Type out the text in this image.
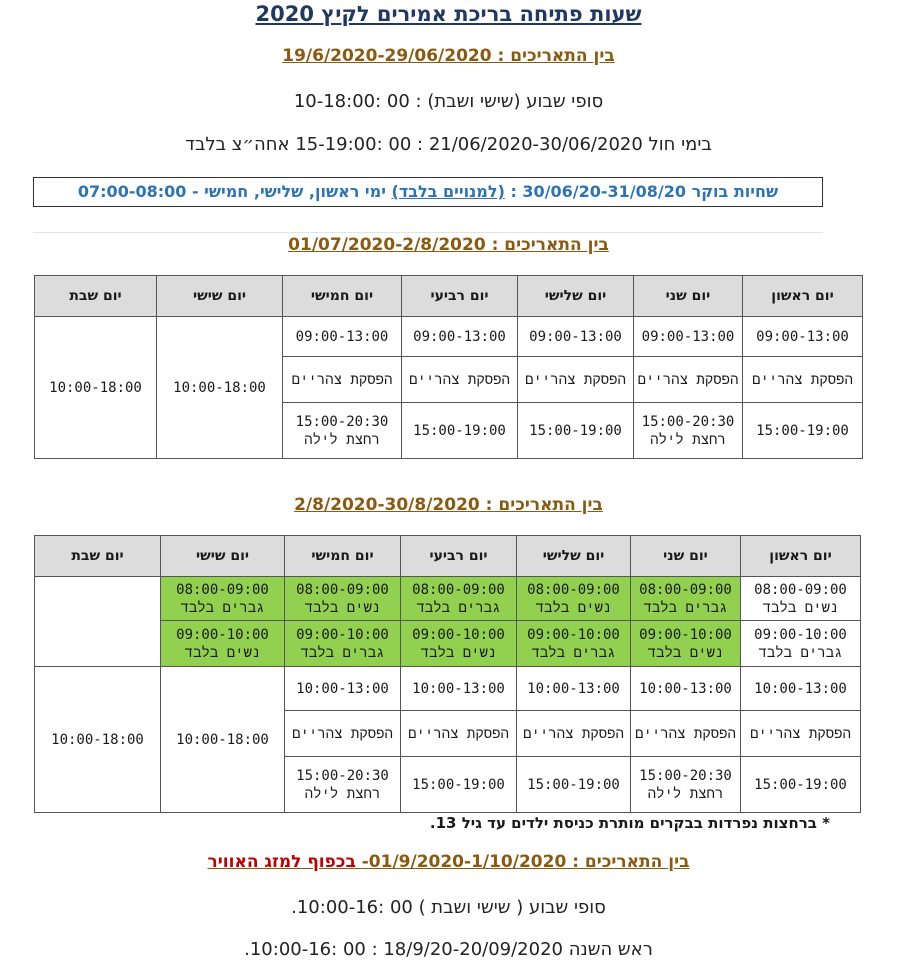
שעות פתיחה בריכת אמירים לקיץ 2020
בין התאריכים : 19/6/2020-29/06/2020
סופי שבוע (שישי ושבת) : 00 :10-18:00
בימי חול 21/06/2020-30/06/2020 : 00 :15-19:00 אחה״צ בלבד
שחיות בוקר 30/06/20-31/08/20 : (למנויים בלבד) ימי ראשון, שלישי, חמישי - 07:00-08:00
בין התאריכים : 01/07/2020-2/8/2020
יום ראשון	יום שני	יום שלישי	יום רביעי	יום חמישי	יום שישי	יום שבת
09:00-13:00	09:00-13:00	09:00-13:00	09:00-13:00	09:00-13:00	10:00-18:00	10:00-18:00
הפסקת צהריים	הפסקת צהריים	הפסקת צהריים	הפסקת צהריים	הפסקת צהריים		
15:00-19:00	15:00-20:30 רחצת לילה	15:00-19:00	15:00-19:00	15:00-20:30 רחצת לילה		
בין התאריכים : 2/8/2020-30/8/2020
יום ראשון	יום שני	יום שלישי	יום רביעי	יום חמישי	יום שישי	יום שבת
08:00-09:00 נשים בלבד	08:00-09:00 גברים בלבד	08:00-09:00 נשים בלבד	08:00-09:00 גברים בלבד	08:00-09:00 נשים בלבד	08:00-09:00 גברים בלבד	
09:00-10:00 גברים בלבד	09:00-10:00 נשים בלבד	09:00-10:00 גברים בלבד	09:00-10:00 נשים בלבד	09:00-10:00 גברים בלבד	09:00-10:00 נשים בלבד	
10:00-13:00	10:00-13:00	10:00-13:00	10:00-13:00	10:00-13:00	10:00-18:00	10:00-18:00
הפסקת צהריים	הפסקת צהריים	הפסקת צהריים	הפסקת צהריים	הפסקת צהריים		
15:00-19:00	15:00-20:30 רחצת לילה	15:00-19:00	15:00-19:00	15:00-20:30 רחצת לילה		
* ברחצות נפרדות בבקרים מותרת כניסת ילדים עד גיל 13.
בין התאריכים : 01/9/2020-1/10/2020- בכפוף למזג האוויר
סופי שבוע ( שישי ושבת ) 00 :10:00-16.
ראש השנה 18/9/20-20/09/2020 : 00 :10:00-16.
